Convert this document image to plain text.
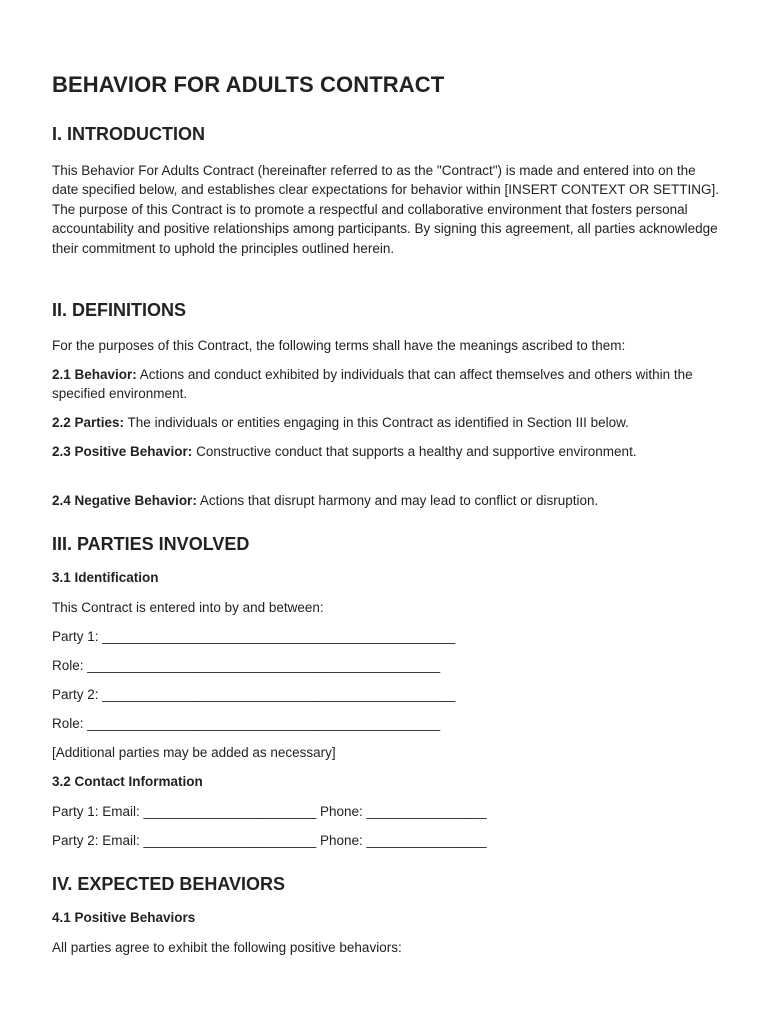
BEHAVIOR FOR ADULTS CONTRACT
I. INTRODUCTION

This Behavior For Adults Contract (hereinafter referred to as the "Contract") is made and entered into on the date specified below, and establishes clear expectations for behavior within [INSERT CONTEXT OR SETTING]. The purpose of this Contract is to promote a respectful and collaborative environment that fosters personal accountability and positive relationships among participants. By signing this agreement, all parties acknowledge their commitment to uphold the principles outlined herein.

II. DEFINITIONS

For the purposes of this Contract, the following terms shall have the meanings ascribed to them:

2.1 Behavior: Actions and conduct exhibited by individuals that can affect themselves and others within the specified environment.

2.2 Parties: The individuals or entities engaging in this Contract as identified in Section III below.

2.3 Positive Behavior: Constructive conduct that supports a healthy and supportive environment.

2.4 Negative Behavior: Actions that disrupt harmony and may lead to conflict or disruption.

III. PARTIES INVOLVED
3.1 Identification

This Contract is entered into by and between:

Party 1: _______________________________________________

Role: _______________________________________________

Party 2: _______________________________________________

Role: _______________________________________________

[Additional parties may be added as necessary]

3.2 Contact Information

Party 1: Email: _______________________ Phone: ________________

Party 2: Email: _______________________ Phone: ________________

IV. EXPECTED BEHAVIORS
4.1 Positive Behaviors

All parties agree to exhibit the following positive behaviors:
